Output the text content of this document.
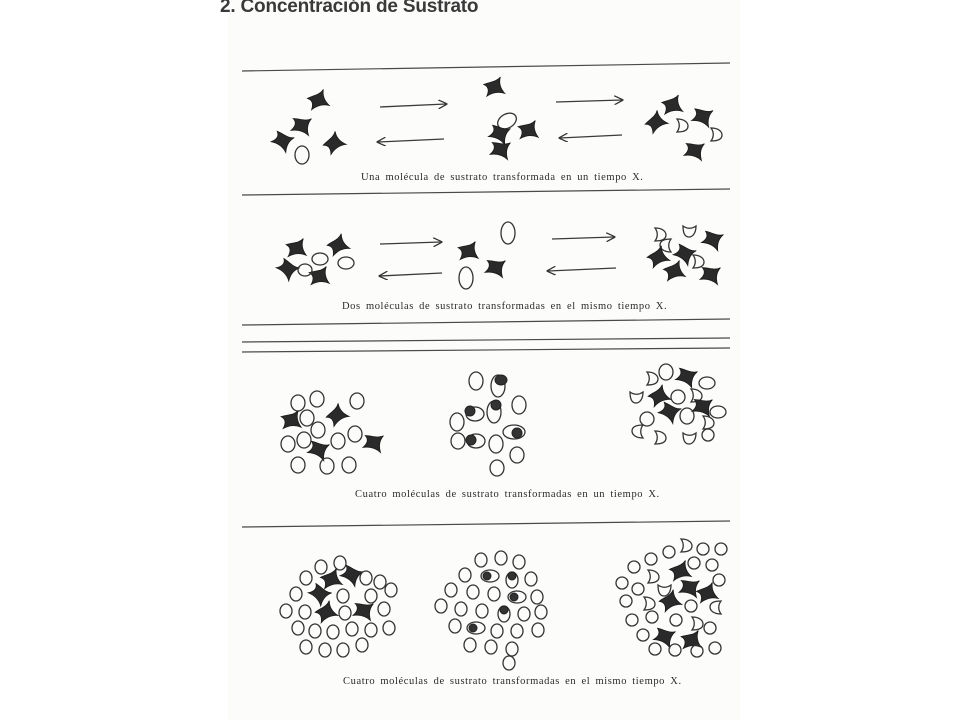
2. Concentración de Sustrato
Una molécula de sustrato transformada en un tiempo X.
Dos moléculas de sustrato transformadas en el mismo tiempo X.
Cuatro moléculas de sustrato transformadas en un tiempo X.
Cuatro moléculas de sustrato transformadas en el mismo tiempo X.
